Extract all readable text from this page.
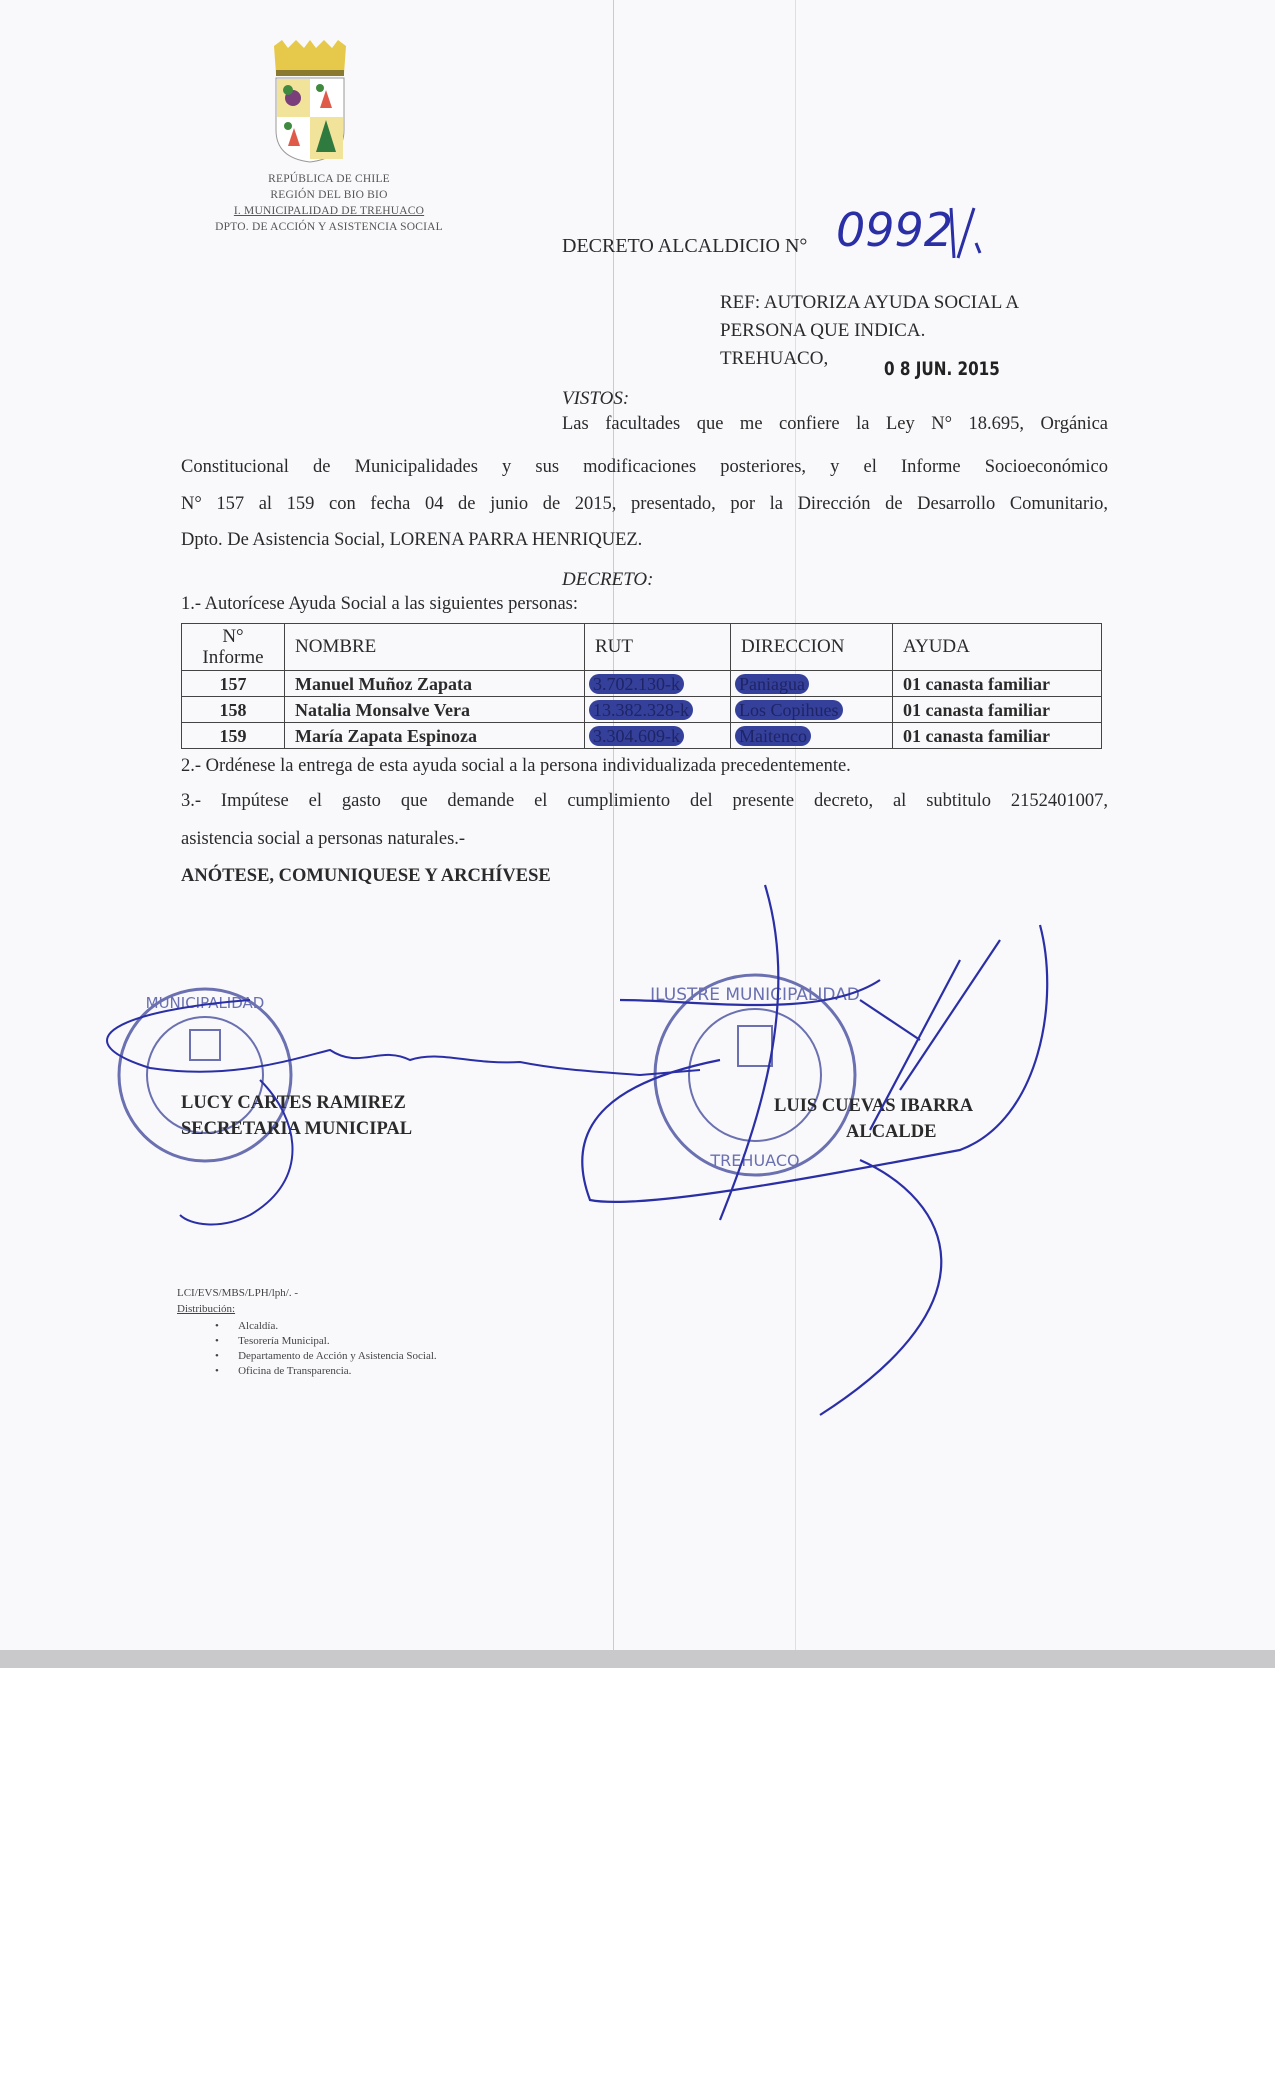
REPÚBLICA DE CHILE
REGIÓN DEL BIO BIO
I. MUNICIPALIDAD DE TREHUACO
DPTO. DE ACCIÓN Y ASISTENCIA SOCIAL
DECRETO ALCALDICIO N° 0992
REF: AUTORIZA AYUDA SOCIAL A
PERSONA QUE INDICA.
TREHUACO,	0 8 JUN. 2015
VISTOS:
Las facultades que me confiere la Ley N° 18.695, Orgánica
Constitucional de Municipalidades y sus modificaciones posteriores, y el Informe Socioeconómico
N° 157 al 159 con fecha 04 de junio de 2015, presentado, por la Dirección de Desarrollo Comunitario,
Dpto. De Asistencia Social, LORENA PARRA HENRIQUEZ.
DECRETO:
1.- Autorícese Ayuda Social a las siguientes personas:
N° Informe	NOMBRE	RUT	DIRECCION	AYUDA
157	Manuel Muñoz Zapata	3.702.130-k	Paniagua	01 canasta familiar
158	Natalia Monsalve Vera	13.382.328-k	Los Copihues	01 canasta familiar
159	María Zapata Espinoza	3.304.609-k	Maitenco	01 canasta familiar
2.- Ordénese la entrega de esta ayuda social a la persona individualizada precedentemente.
3.- Impútese el gasto que demande el cumplimiento del presente decreto, al subtitulo 2152401007,
asistencia social a personas naturales.-
ANÓTESE, COMUNIQUESE Y ARCHÍVESE
MUNICIPALIDAD	ILUSTRE MUNICIPALIDAD
TREHUACO
LUCY CARTES RAMIREZ
SECRETARIA MUNICIPAL
LUIS CUEVAS IBARRA
ALCALDE
LCI/EVS/MBS/LPH/lph/. -
Distribución:
•       Alcaldía.
•       Tesorería Municipal.
•       Departamento de Acción y Asistencia Social.
•       Oficina de Transparencia.
